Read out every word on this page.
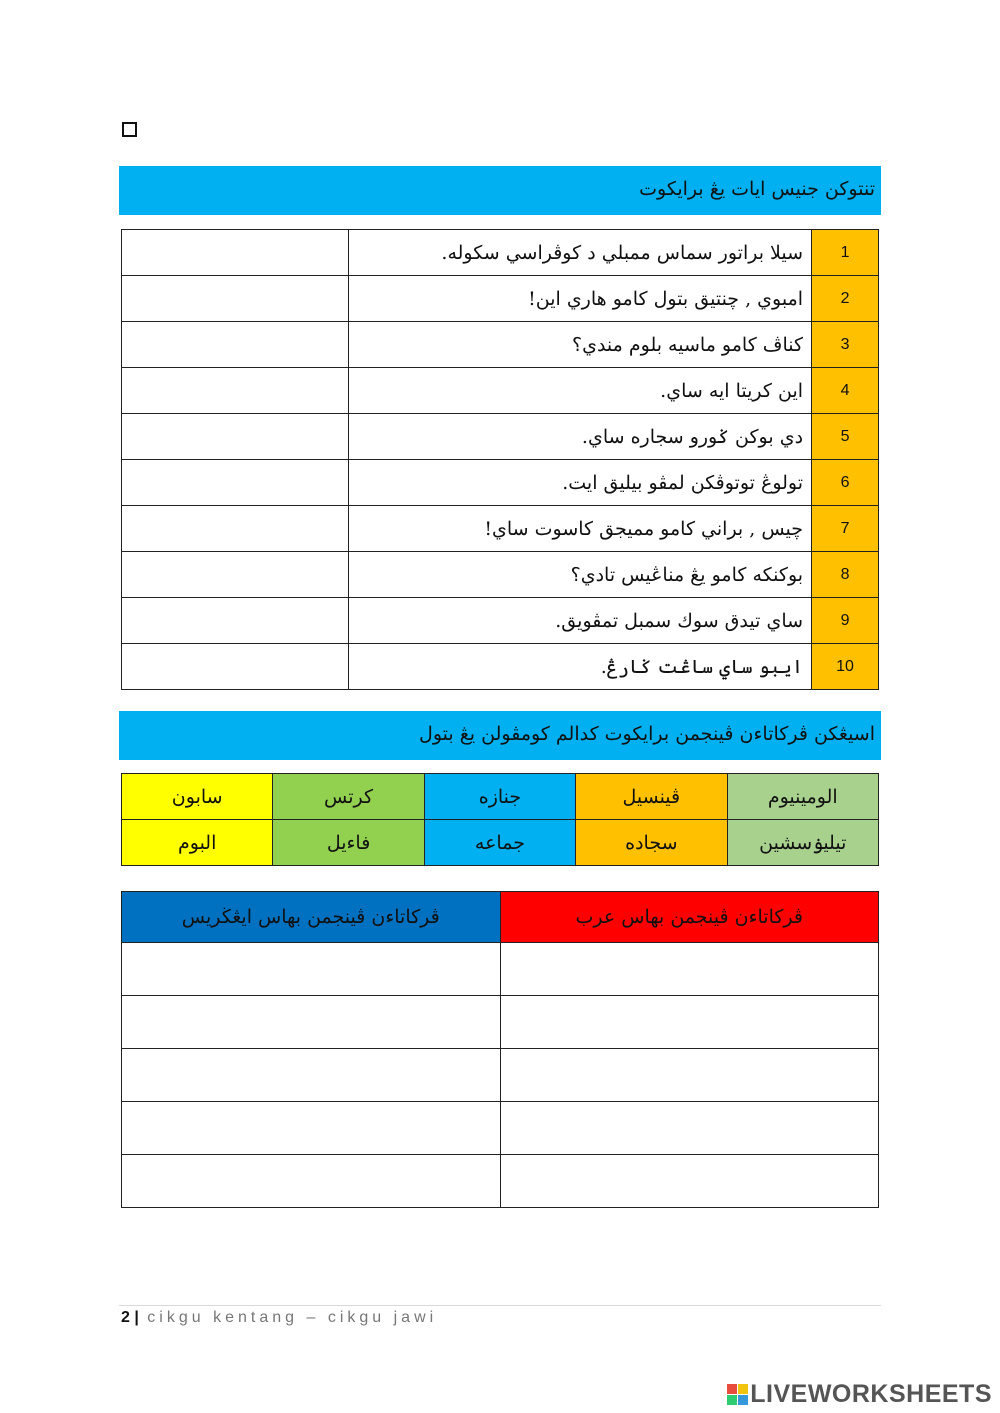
تنتوكن جنيس ايات يڠ برايكوت
	سيلا براتور سماس ممبلي د كوڤراسي سكوله.	1
	امبوي , چنتيق بتول كامو هاري اين!	2
	كناڤ كامو ماسيه بلوم مندي؟	3
	اين كريتا ايه ساي.	4
	دي بوكن ݢورو سجاره ساي.	5
	تولوڠ توتوڤكن لمڤو بيليق ايت.	6
	چيس , براني كامو مميجق كاسوت ساي!	7
	بوكنكه كامو يڠ مناڠيس تادي؟	8
	ساي تيدق سوك سمبل تمڤويق.	9
	ايبو ساي ساڠت ݢارڠ.	10
اسيڠكن ڤركاتاءن ڤينجمن برايكوت كدالم كومڤولن يڠ بتول
سابون	كرتس	جنازه	ڤينسيل	الومينيوم
البوم	فاءيل	جماعه	سجاده	تيليۏسشين
ڤركاتاءن ڤينجمن بهاس ايڠڬريس	ڤركاتاءن ڤينجمن بهاس عرب

2 | cikgu kentang – cikgu jawi
LIVEWORKSHEETS
